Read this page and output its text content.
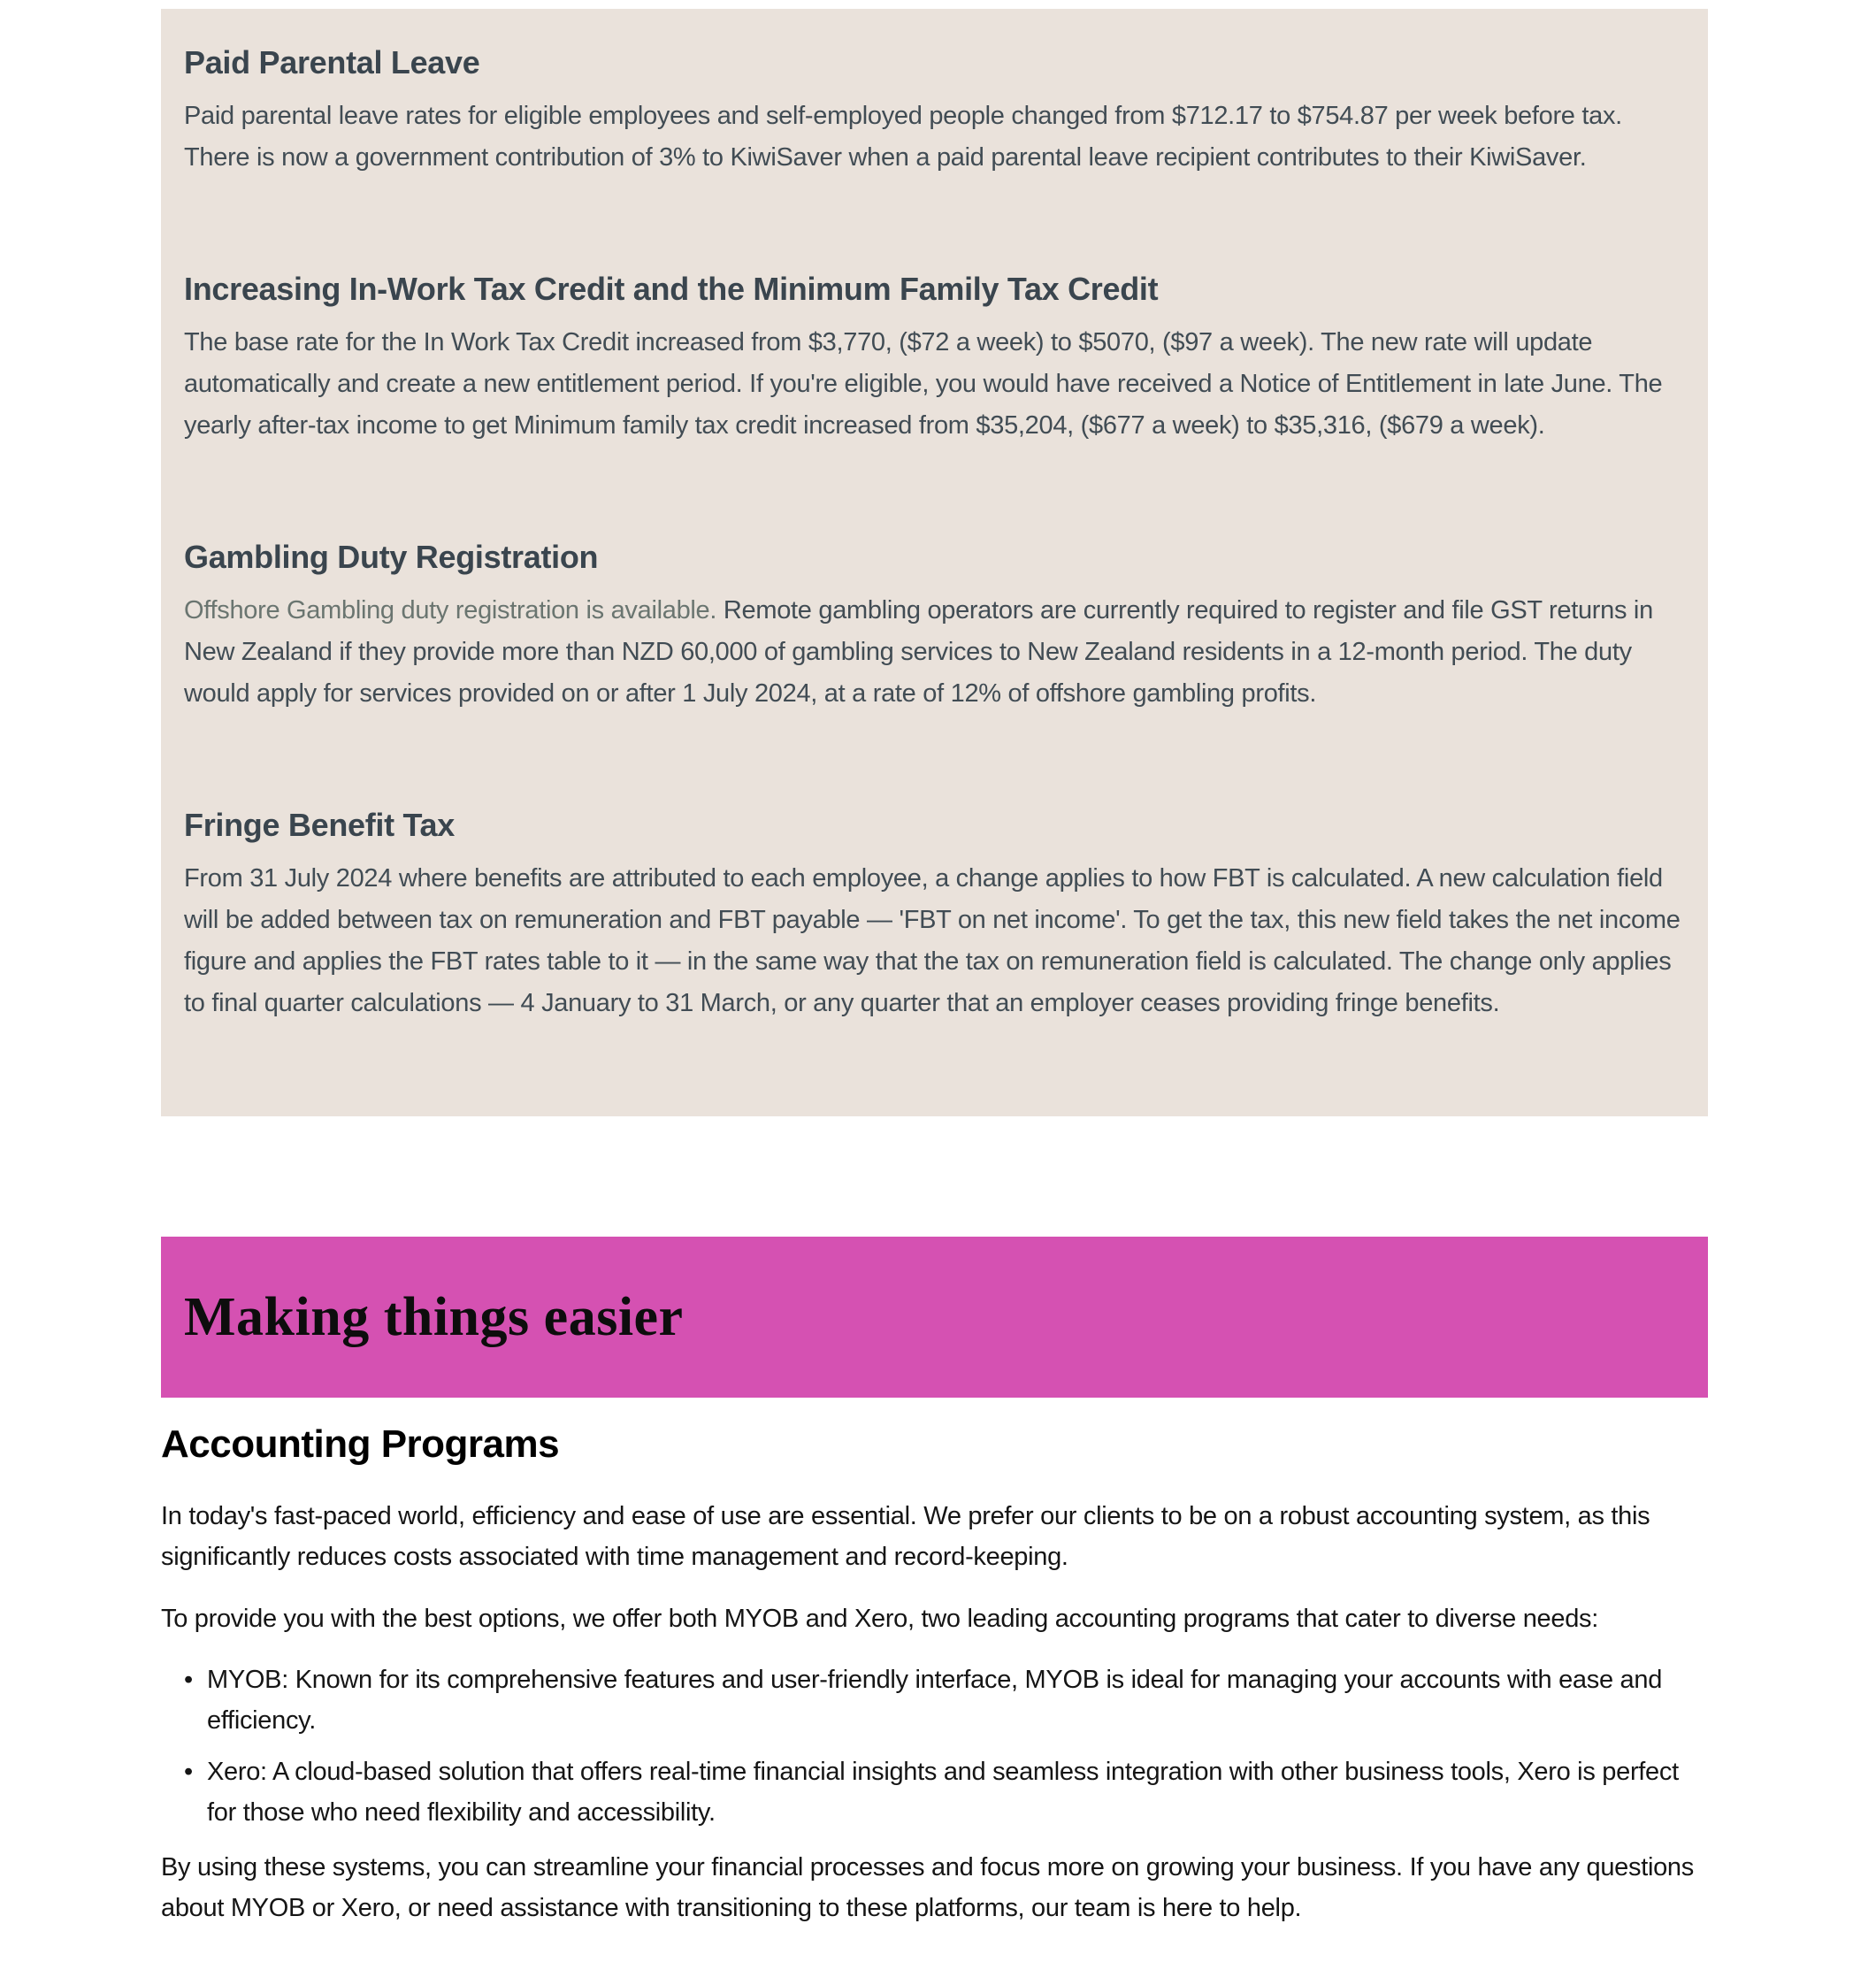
Paid Parental Leave

Paid parental leave rates for eligible employees and self-employed people changed from $712.17 to $754.87 per week before tax. There is now a government contribution of 3% to KiwiSaver when a paid parental leave recipient contributes to their KiwiSaver.

Increasing In-Work Tax Credit and the Minimum Family Tax Credit

The base rate for the In Work Tax Credit increased from $3,770, ($72 a week) to $5070, ($97 a week). The new rate will update automatically and create a new entitlement period. If you're eligible, you would have received a Notice of Entitlement in late June. The yearly after-tax income to get Minimum family tax credit increased from $35,204, ($677 a week) to $35,316, ($679 a week).

Gambling Duty Registration

Offshore Gambling duty registration is available. Remote gambling operators are currently required to register and file GST returns in New Zealand if they provide more than NZD 60,000 of gambling services to New Zealand residents in a 12-month period. The duty would apply for services provided on or after 1 July 2024, at a rate of 12% of offshore gambling profits.

Fringe Benefit Tax

From 31 July 2024 where benefits are attributed to each employee, a change applies to how FBT is calculated. A new calculation field will be added between tax on remuneration and FBT payable — 'FBT on net income'. To get the tax, this new field takes the net income figure and applies the FBT rates table to it — in the same way that the tax on remuneration field is calculated. The change only applies to final quarter calculations — 4 January to 31 March, or any quarter that an employer ceases providing fringe benefits.

Making things easier
Accounting Programs

In today's fast-paced world, efficiency and ease of use are essential. We prefer our clients to be on a robust accounting system, as this significantly reduces costs associated with time management and record-keeping.

To provide you with the best options, we offer both MYOB and Xero, two leading accounting programs that cater to diverse needs:

• MYOB: Known for its comprehensive features and user-friendly interface, MYOB is ideal for managing your accounts with ease and efficiency.
• Xero: A cloud-based solution that offers real-time financial insights and seamless integration with other business tools, Xero is perfect for those who need flexibility and accessibility.

By using these systems, you can streamline your financial processes and focus more on growing your business. If you have any questions about MYOB or Xero, or need assistance with transitioning to these platforms, our team is here to help.
